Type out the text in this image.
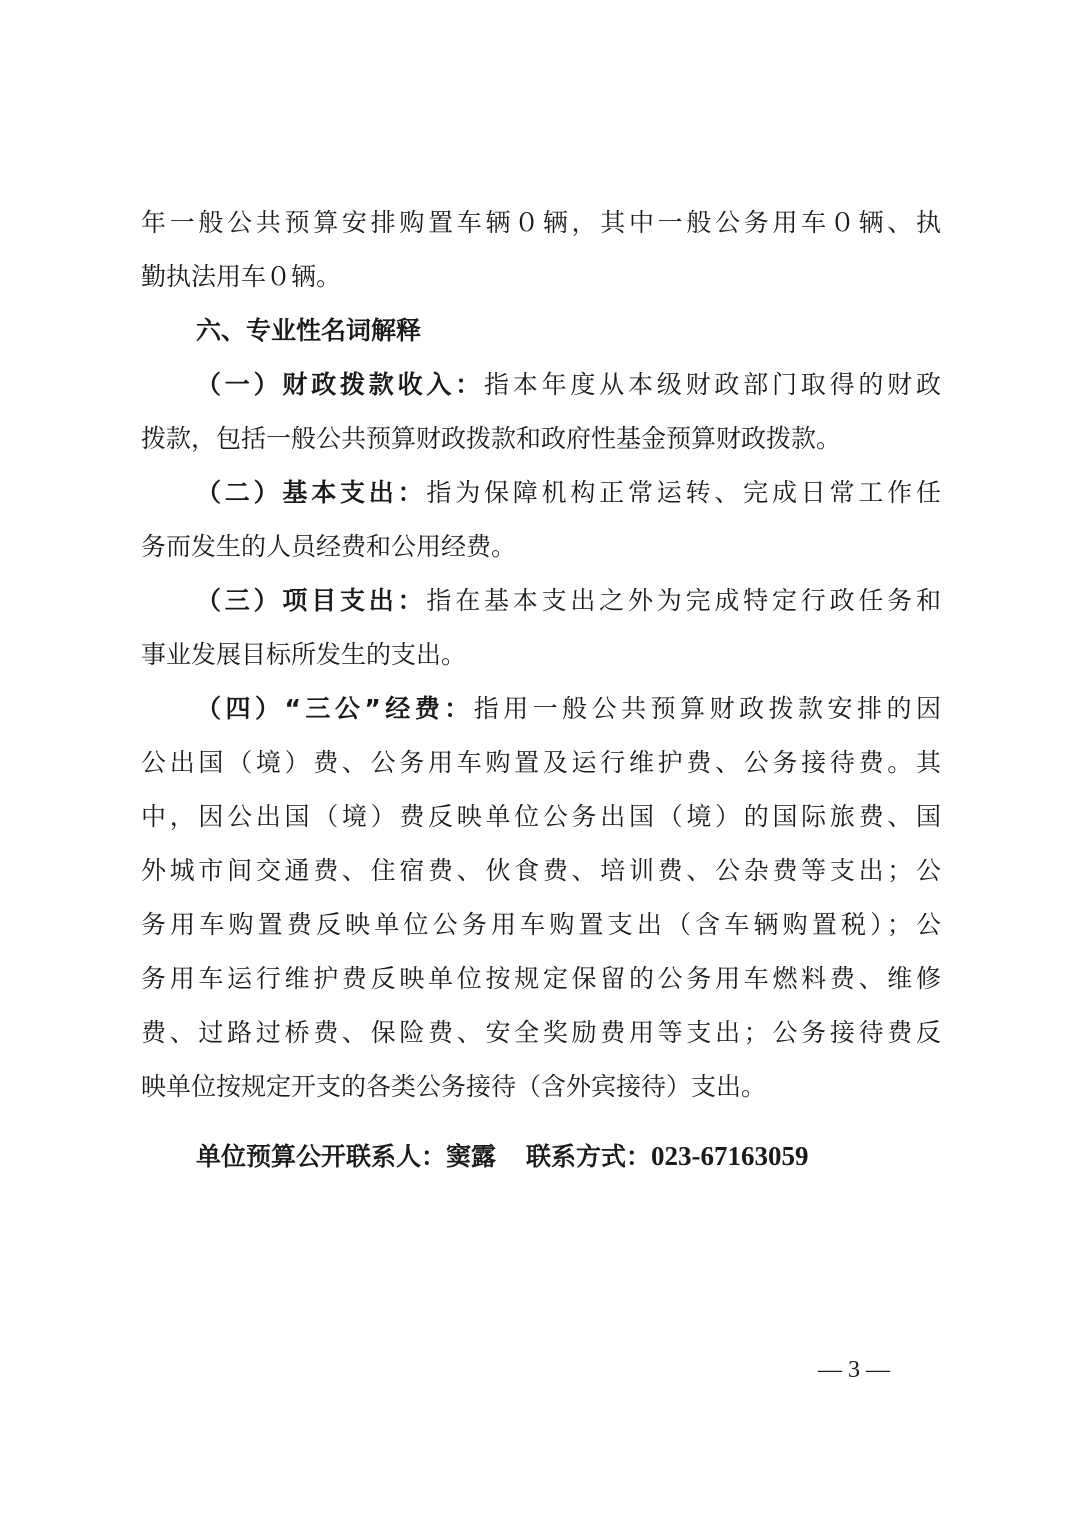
年一般公共预算安排购置车辆０辆，其中一般公务用车０辆、执
勤执法用车０辆。
六、专业性名词解释
（一）财政拨款收入：指本年度从本级财政部门取得的财政
拨款，包括一般公共预算财政拨款和政府性基金预算财政拨款。
（二）基本支出：指为保障机构正常运转、完成日常工作任
务而发生的人员经费和公用经费。
（三）项目支出：指在基本支出之外为完成特定行政任务和
事业发展目标所发生的支出。
（四）“三公”经费：指用一般公共预算财政拨款安排的因
公出国（境）费、公务用车购置及运行维护费、公务接待费。其
中，因公出国（境）费反映单位公务出国（境）的国际旅费、国
外城市间交通费、住宿费、伙食费、培训费、公杂费等支出；公
务用车购置费反映单位公务用车购置支出（含车辆购置税）；公
务用车运行维护费反映单位按规定保留的公务用车燃料费、维修
费、过路过桥费、保险费、安全奖励费用等支出；公务接待费反
映单位按规定开支的各类公务接待（含外宾接待）支出。
单位预算公开联系人：窦露 联系方式：023-67163059
— 3 —
